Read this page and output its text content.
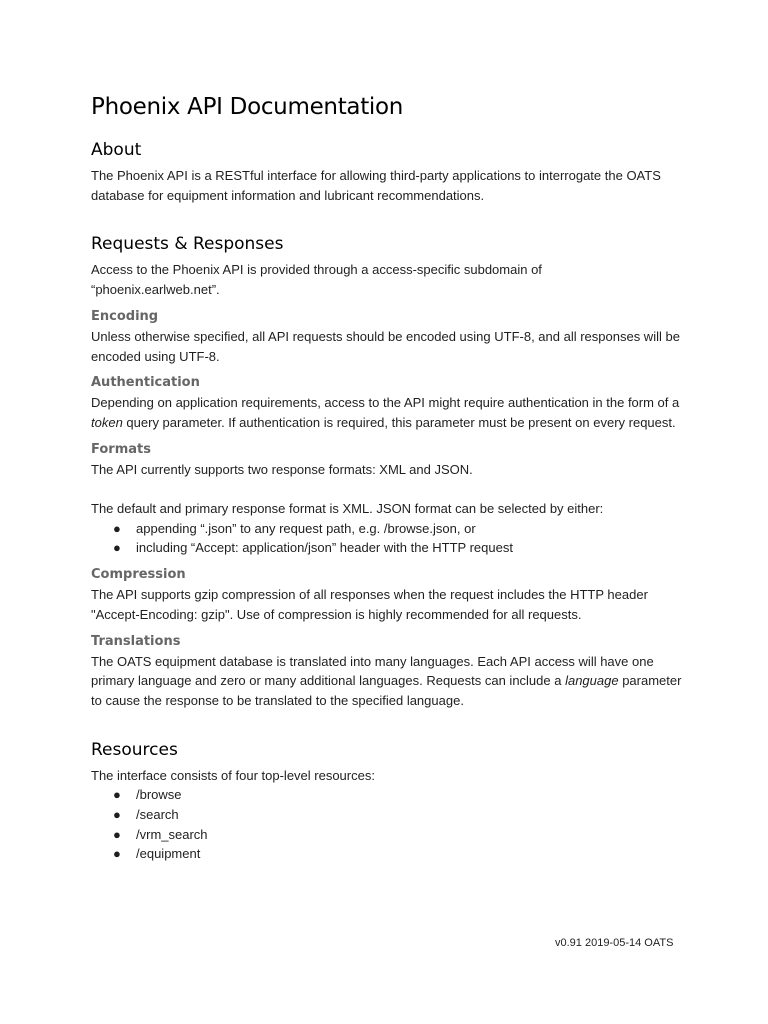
Phoenix API Documentation
About

The Phoenix API is a RESTful interface for allowing third-party applications to interrogate the OATS database for equipment information and lubricant recommendations.

Requests & Responses

Access to the Phoenix API is provided through a access-specific subdomain of
“phoenix.earlweb.net”.

Encoding

Unless otherwise specified, all API requests should be encoded using UTF-8, and all responses will be encoded using UTF-8.

Authentication

Depending on application requirements, access to the API might require authentication in the form of a token query parameter. If authentication is required, this parameter must be present on every request.

Formats

The API currently supports two response formats: XML and JSON.

The default and primary response format is XML. JSON format can be selected by either:

● appending “.json” to any request path, e.g. /browse.json, or
● including “Accept: application/json” header with the HTTP request
Compression

The API supports gzip compression of all responses when the request includes the HTTP header "Accept-Encoding: gzip". Use of compression is highly recommended for all requests.

Translations

The OATS equipment database is translated into many languages. Each API access will have one primary language and zero or many additional languages. Requests can include a language parameter to cause the response to be translated to the specified language.

Resources

The interface consists of four top-level resources:

● /browse
● /search
● /vrm_search
● /equipment
v0.91 2019-05-14 OATS
